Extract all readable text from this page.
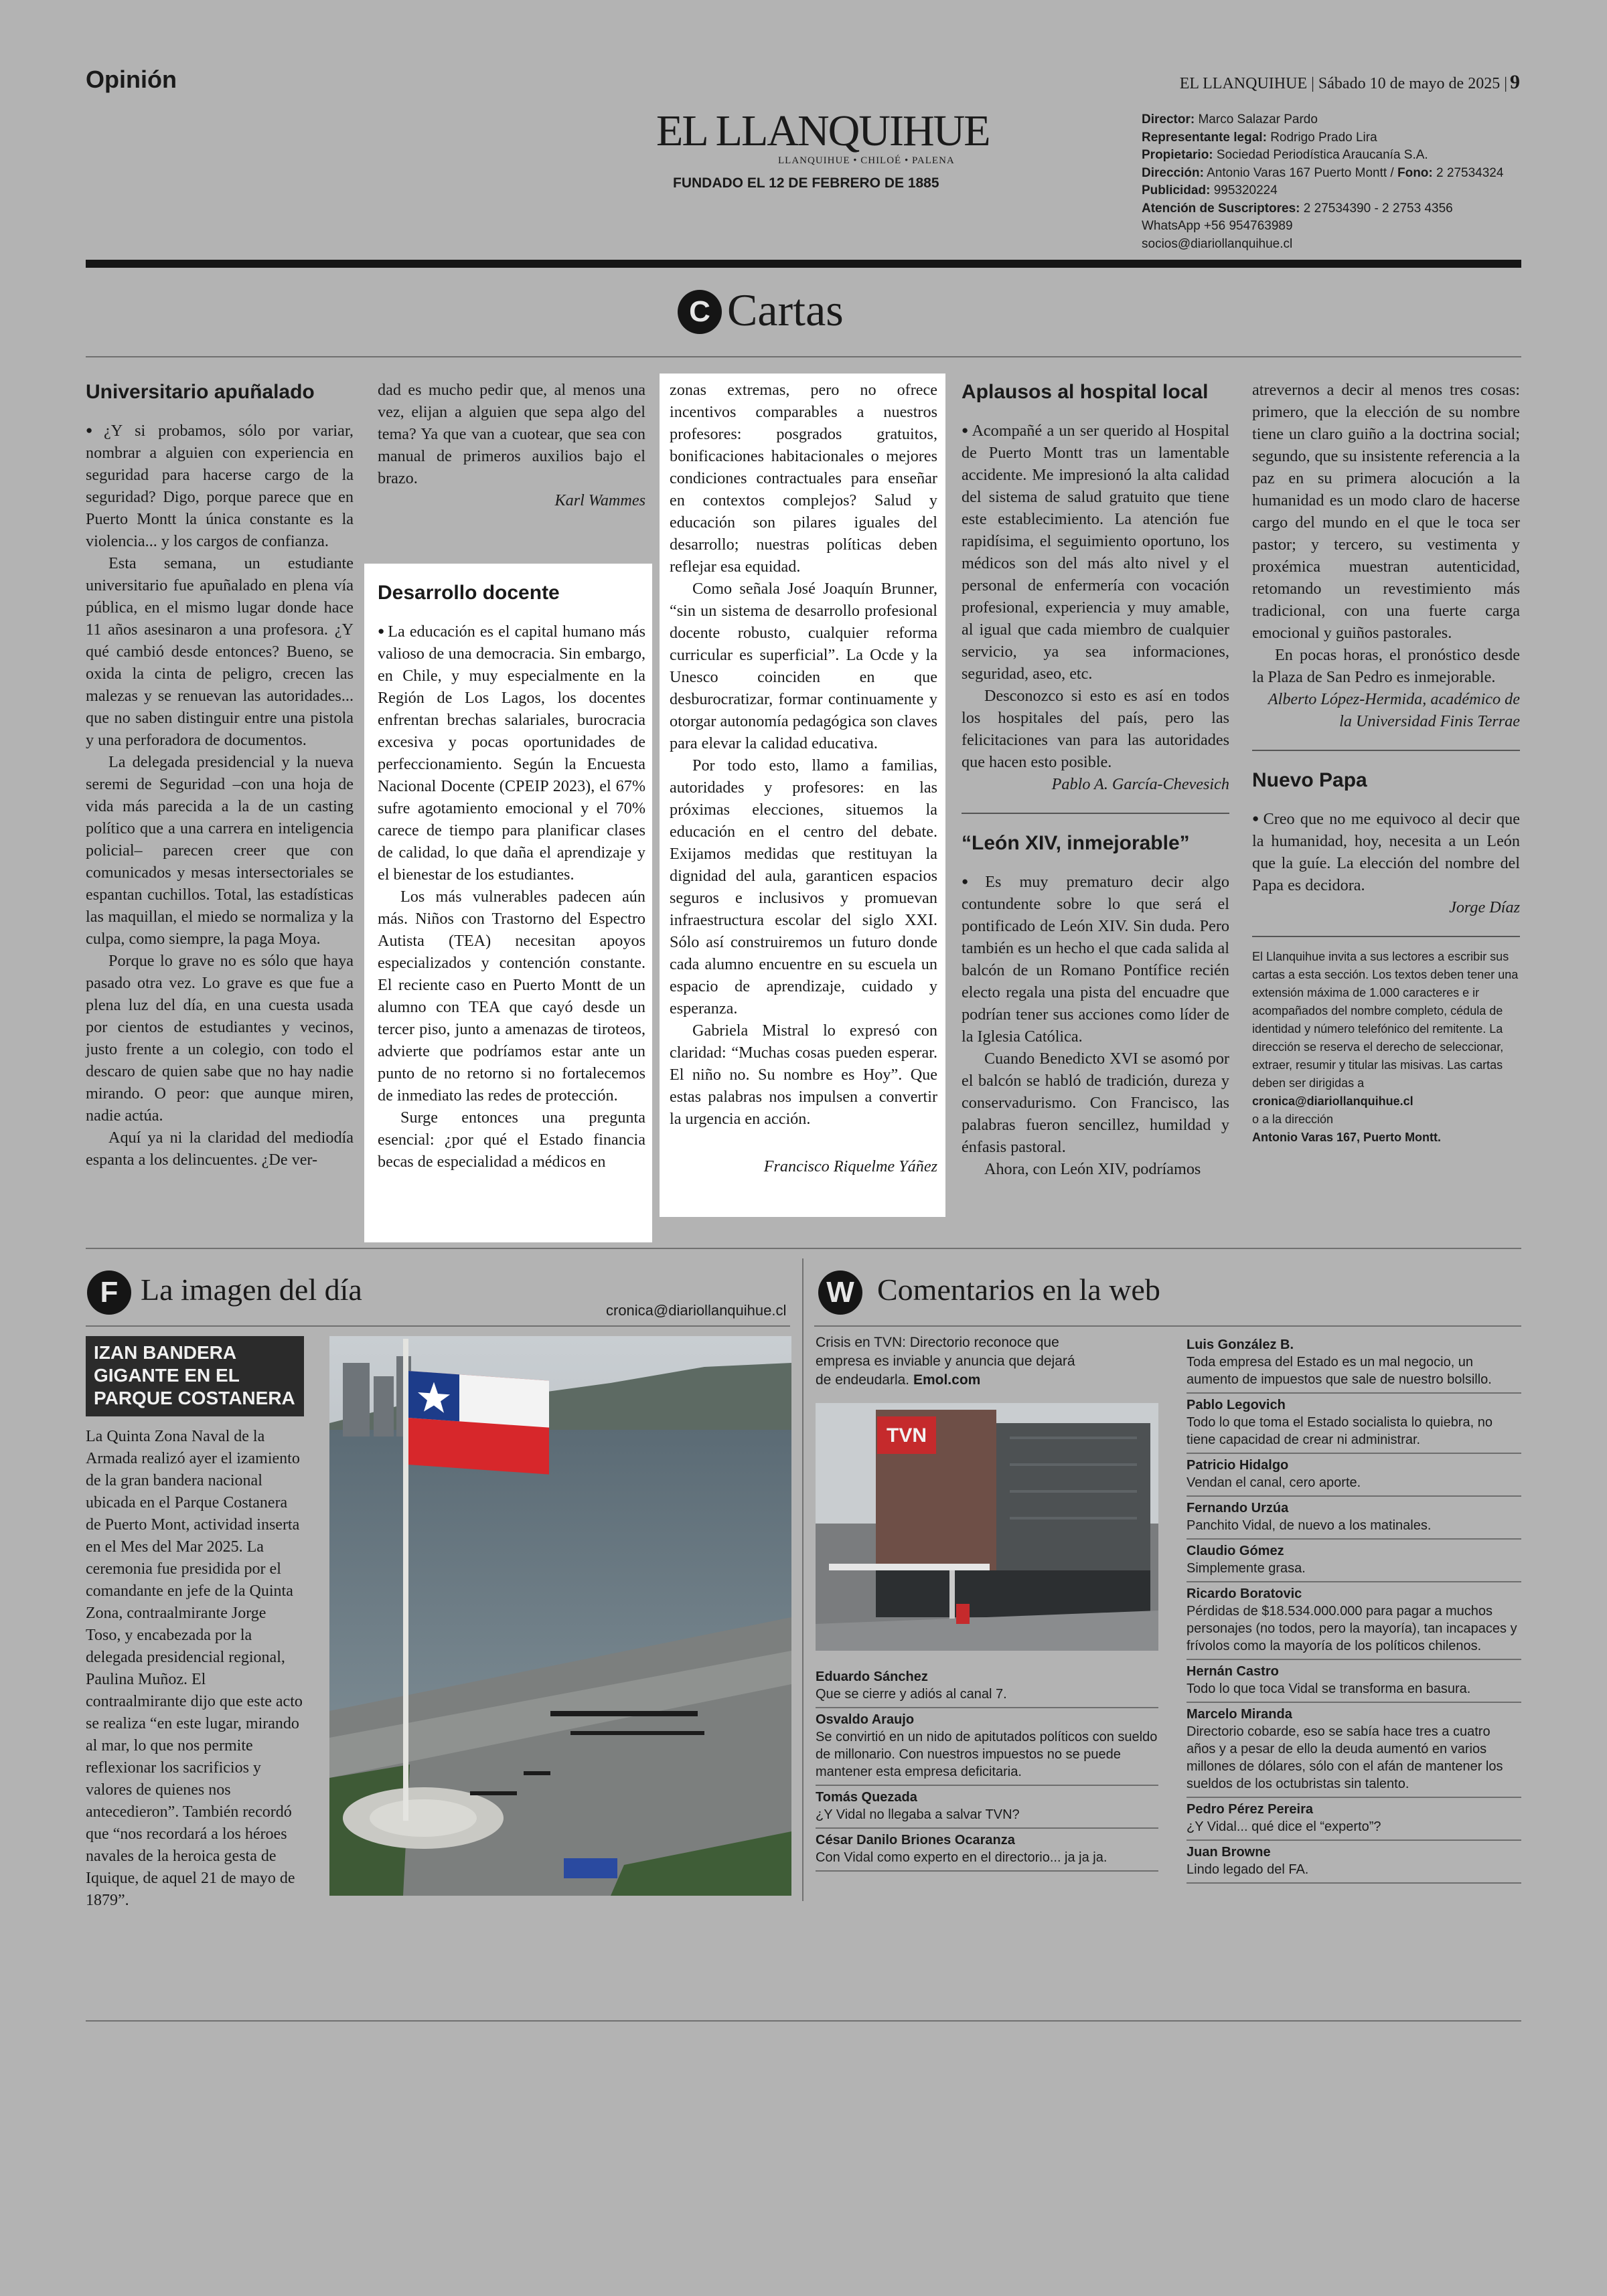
Opinión
EL LLANQUIHUE
LLANQUIHUE • CHILOÉ • PALENA
FUNDADO EL 12 DE FEBRERO DE 1885
EL LLANQUIHUE | Sábado 10 de mayo de 2025 | 9
Director: Marco Salazar Pardo
Representante legal: Rodrigo Prado Lira
Propietario: Sociedad Periodística Araucanía S.A.
Dirección: Antonio Varas 167 Puerto Montt / Fono: 2 27534324
Publicidad: 995320224
Atención de Suscriptores: 2 27534390 - 2 2753 4356
WhatsApp +56 954763989
socios@diariollanquihue.cl
C Cartas
Universitario apuñalado

● ¿Y si probamos, sólo por variar, nombrar a alguien con experiencia en seguridad para hacerse cargo de la seguridad? Digo, porque parece que en Puerto Montt la única constante es la violencia... y los cargos de confianza.

Esta semana, un estudiante universitario fue apuñalado en plena vía pública, en el mismo lugar donde hace 11 años asesinaron a una profesora. ¿Y qué cambió desde entonces? Bueno, se oxida la cinta de peligro, crecen las malezas y se renuevan las autoridades... que no saben distinguir entre una pistola y una perforadora de documentos.

La delegada presidencial y la nueva seremi de Seguridad –con una hoja de vida más parecida a la de un casting político que a una carrera en inteligencia policial– parecen creer que con comunicados y mesas intersectoriales se espantan cuchillos. Total, las estadísticas las maquillan, el miedo se normaliza y la culpa, como siempre, la paga Moya.

Porque lo grave no es sólo que haya pasado otra vez. Lo grave es que fue a plena luz del día, en una cuesta usada por cientos de estudiantes y vecinos, justo frente a un colegio, con todo el descaro de quien sabe que no hay nadie mirando. O peor: que aunque miren, nadie actúa.

Aquí ya ni la claridad del mediodía espanta a los delincuentes. ¿De ver-

dad es mucho pedir que, al menos una vez, elijan a alguien que sepa algo del tema? Ya que van a cuotear, que sea con manual de primeros auxilios bajo el brazo.

Karl Wammes

Desarrollo docente

● La educación es el capital humano más valioso de una democracia. Sin embargo, en Chile, y muy especialmente en la Región de Los Lagos, los docentes enfrentan brechas salariales, burocracia excesiva y pocas oportunidades de perfeccionamiento. Según la Encuesta Nacional Docente (CPEIP 2023), el 67% sufre agotamiento emocional y el 70% carece de tiempo para planificar clases de calidad, lo que daña el aprendizaje y el bienestar de los estudiantes.

Los más vulnerables padecen aún más. Niños con Trastorno del Espectro Autista (TEA) necesitan apoyos especializados y contención constante. El reciente caso en Puerto Montt de un alumno con TEA que cayó desde un tercer piso, junto a amenazas de tiroteos, advierte que podríamos estar ante un punto de no retorno si no fortalecemos de inmediato las redes de protección.

Surge entonces una pregunta esencial: ¿por qué el Estado financia becas de especialidad a médicos en

zonas extremas, pero no ofrece incentivos comparables a nuestros profesores: posgrados gratuitos, bonificaciones habitacionales o mejores condiciones contractuales para enseñar en contextos complejos? Salud y educación son pilares iguales del desarrollo; nuestras políticas deben reflejar esa equidad.

Como señala José Joaquín Brunner, “sin un sistema de desarrollo profesional docente robusto, cualquier reforma curricular es superficial”. La Ocde y la Unesco coinciden en que desburocratizar, formar continuamente y otorgar autonomía pedagógica son claves para elevar la calidad educativa.

Por todo esto, llamo a familias, autoridades y profesores: en las próximas elecciones, situemos la educación en el centro del debate. Exijamos medidas que restituyan la dignidad del aula, garanticen espacios seguros e inclusivos y promuevan infraestructura escolar del siglo XXI. Sólo así construiremos un futuro donde cada alumno encuentre en su escuela un espacio de aprendizaje, cuidado y esperanza.

Gabriela Mistral lo expresó con claridad: “Muchas cosas pueden esperar. El niño no. Su nombre es Hoy”. Que estas palabras nos impulsen a convertir la urgencia en acción.

Francisco Riquelme Yáñez

Aplausos al hospital local

● Acompañé a un ser querido al Hospital de Puerto Montt tras un lamentable accidente. Me impresionó la alta calidad del sistema de salud gratuito que tiene este establecimiento. La atención fue rapidísima, el seguimiento oportuno, los médicos son del más alto nivel y el personal de enfermería con vocación profesional, experiencia y muy amable, al igual que cada miembro de cualquier servicio, ya sea informaciones, seguridad, aseo, etc.

Desconozco si esto es así en todos los hospitales del país, pero las felicitaciones van para las autoridades que hacen esto posible.

Pablo A. García-Chevesich

“León XIV, inmejorable”

● Es muy prematuro decir algo contundente sobre lo que será el pontificado de León XIV. Sin duda. Pero también es un hecho el que cada salida al balcón de un Romano Pontífice recién electo regala una pista del encuadre que podrían tener sus acciones como líder de la Iglesia Católica.

Cuando Benedicto XVI se asomó por el balcón se habló de tradición, dureza y conservadurismo. Con Francisco, las palabras fueron sencillez, humildad y énfasis pastoral.

Ahora, con León XIV, podríamos

atrevernos a decir al menos tres cosas: primero, que la elección de su nombre tiene un claro guiño a la doctrina social; segundo, que su insistente referencia a la paz en su primera alocución a la humanidad es un modo claro de hacerse cargo del mundo en el que le toca ser pastor; y tercero, su vestimenta y proxémica muestran autenticidad, retomando un revestimiento más tradicional, con una fuerte carga emocional y guiños pastorales.

En pocas horas, el pronóstico desde la Plaza de San Pedro es inmejorable.

Alberto López-Hermida, académico de la Universidad Finis Terrae

Nuevo Papa

● Creo que no me equivoco al decir que la humanidad, hoy, necesita a un León que la guíe. La elección del nombre del Papa es decidora.

Jorge Díaz

El Llanquihue invita a sus lectores a escribir sus cartas a esta sección. Los textos deben tener una extensión máxima de 1.000 caracteres e ir acompañados del nombre completo, cédula de identidad y número telefónico del remitente. La dirección se reserva el derecho de seleccionar, extraer, resumir y titular las misivas. Las cartas deben ser dirigidas a
cronica@diariollanquihue.cl
o a la dirección
Antonio Varas 167, Puerto Montt.
F La imagen del día
cronica@diariollanquihue.cl
IZAN BANDERA GIGANTE EN EL PARQUE COSTANERA

La Quinta Zona Naval de la Armada realizó ayer el izamiento de la gran bandera nacional ubicada en el Parque Costanera de Puerto Mont, actividad inserta en el Mes del Mar 2025. La ceremonia fue presidida por el comandante en jefe de la Quinta Zona, contraalmirante Jorge Toso, y encabezada por la delegada presidencial regional, Paulina Muñoz. El contraalmirante dijo que este acto se realiza “en este lugar, mirando al mar, lo que nos permite reflexionar los sacrificios y valores de quienes nos antecedieron”. También recordó que “nos recordará a los héroes navales de la heroica gesta de Iquique, de aquel 21 de mayo de 1879”.

W Comentarios en la web
Crisis en TVN: Directorio reconoce que empresa es inviable y anuncia que dejará de endeudarla. Emol.com
TVN
Eduardo Sánchez
Que se cierre y adiós al canal 7.
Osvaldo Araujo
Se convirtió en un nido de apitutados políticos con sueldo de millonario. Con nuestros impuestos no se puede mantener esta empresa deficitaria.
Tomás Quezada
¿Y Vidal no llegaba a salvar TVN?
César Danilo Briones Ocaranza
Con Vidal como experto en el directorio... ja ja ja.
Luis González B.
Toda empresa del Estado es un mal negocio, un aumento de impuestos que sale de nuestro bolsillo.
Pablo Legovich
Todo lo que toma el Estado socialista lo quiebra, no tiene capacidad de crear ni administrar.
Patricio Hidalgo
Vendan el canal, cero aporte.
Fernando Urzúa
Panchito Vidal, de nuevo a los matinales.
Claudio Gómez
Simplemente grasa.
Ricardo Boratovic
Pérdidas de $18.534.000.000 para pagar a muchos personajes (no todos, pero la mayoría), tan incapaces y frívolos como la mayoría de los políticos chilenos.
Hernán Castro
Todo lo que toca Vidal se transforma en basura.
Marcelo Miranda
Directorio cobarde, eso se sabía hace tres a cuatro años y a pesar de ello la deuda aumentó en varios millones de dólares, sólo con el afán de mantener los sueldos de los octubristas sin talento.
Pedro Pérez Pereira
¿Y Vidal... qué dice el “experto”?
Juan Browne
Lindo legado del FA.
